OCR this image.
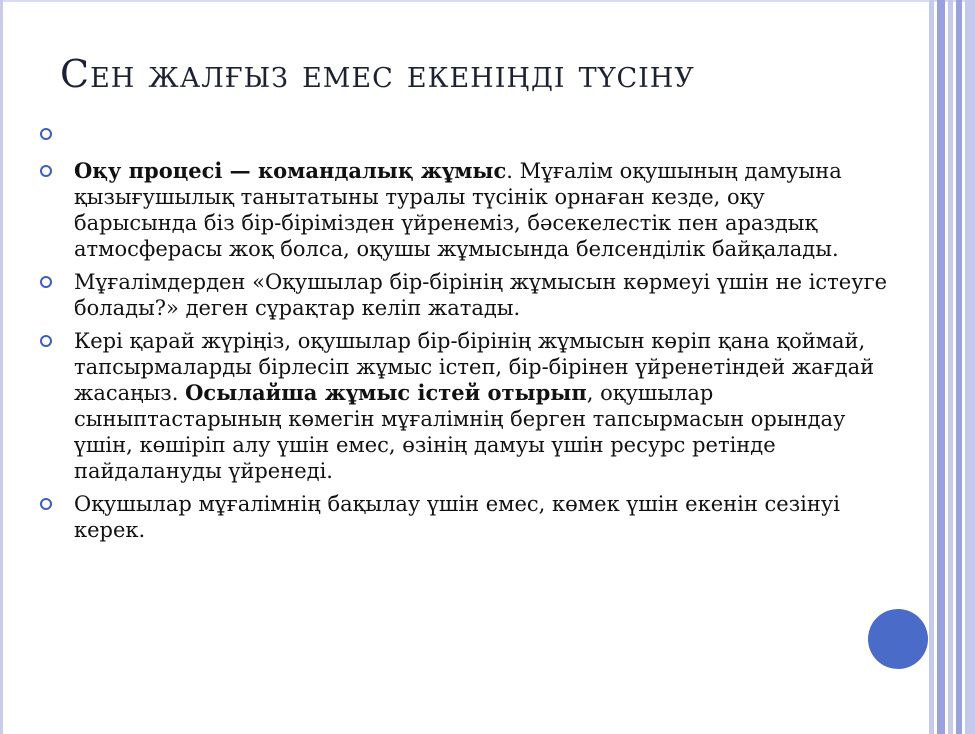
Сен жалғыз емес екеніңді түсіну
Оқу процесі — командалық жұмыс. Мұғалім оқушының дамуына қызығушылық танытатыны туралы түсінік орнаған кезде, оқу барысында біз бір-бірімізден үйренеміз, бәсекелестік пен араздық атмосферасы жоқ болса, оқушы жұмысында белсенділік байқалады.
Мұғалімдерден «Оқушылар бір-бірінің жұмысын көрмеуі үшін не істеуге болады?» деген сұрақтар келіп жатады.
Кері қарай жүріңіз, оқушылар бір-бірінің жұмысын көріп қана қоймай, тапсырмаларды бірлесіп жұмыс істеп, бір-бірінен үйренетіндей жағдай жасаңыз. Осылайша жұмыс істей отырып, оқушылар сыныптастарының көмегін мұғалімнің берген тапсырмасын орындау үшін, көшіріп алу үшін емес, өзінің дамуы үшін ресурс ретінде пайдалануды үйренеді.
Оқушылар мұғалімнің бақылау үшін емес, көмек үшін екенін сезінуі керек.
